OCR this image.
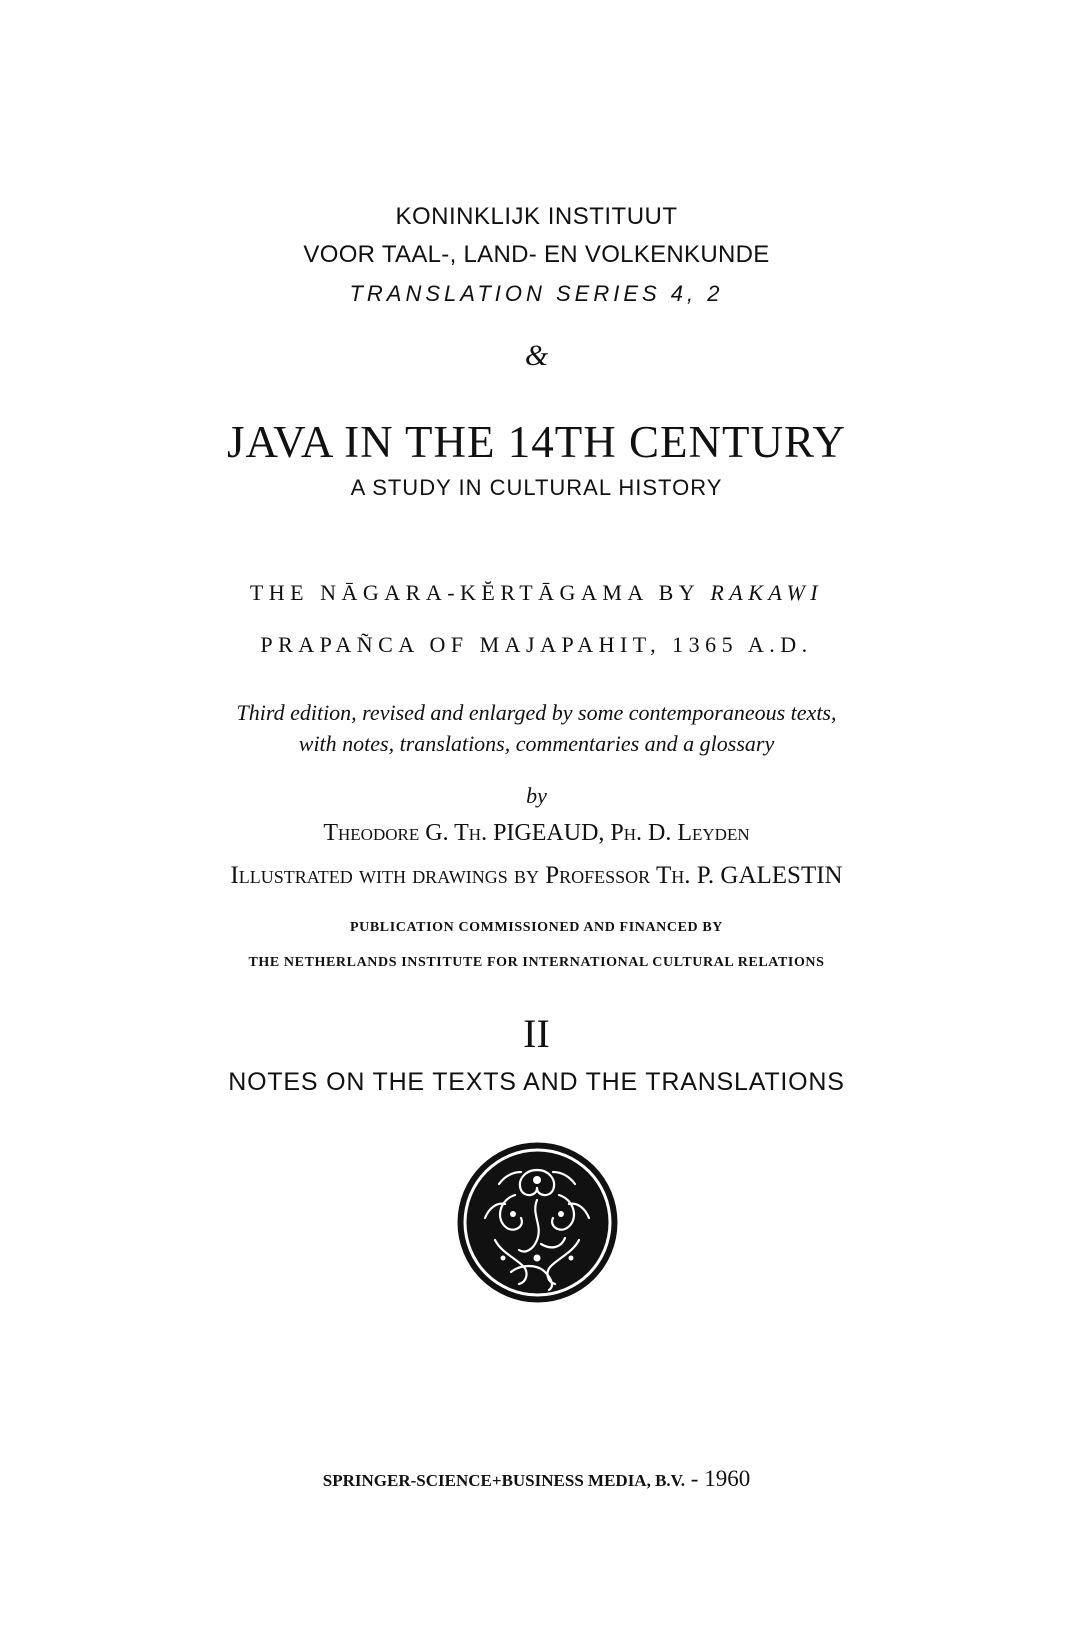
KONINKLIJK INSTITUUT
VOOR TAAL-, LAND- EN VOLKENKUNDE
TRANSLATION SERIES 4, 2
&
JAVA IN THE 14TH CENTURY
A STUDY IN CULTURAL HISTORY
THE NĀGARA-KĔRTĀGAMA BY RAKAWI
PRAPAÑCA OF MAJAPAHIT, 1365 A.D.
Third edition, revised and enlarged by some contemporaneous texts,
with notes, translations, commentaries and a glossary
by
Theodore G. Th. PIGEAUD, Ph. D. Leyden
Illustrated with drawings by Professor Th. P. GALESTIN
PUBLICATION COMMISSIONED AND FINANCED BY
THE NETHERLANDS INSTITUTE FOR INTERNATIONAL CULTURAL RELATIONS
II
NOTES ON THE TEXTS AND THE TRANSLATIONS
SPRINGER-SCIENCE+BUSINESS MEDIA, B.V. - 1960
